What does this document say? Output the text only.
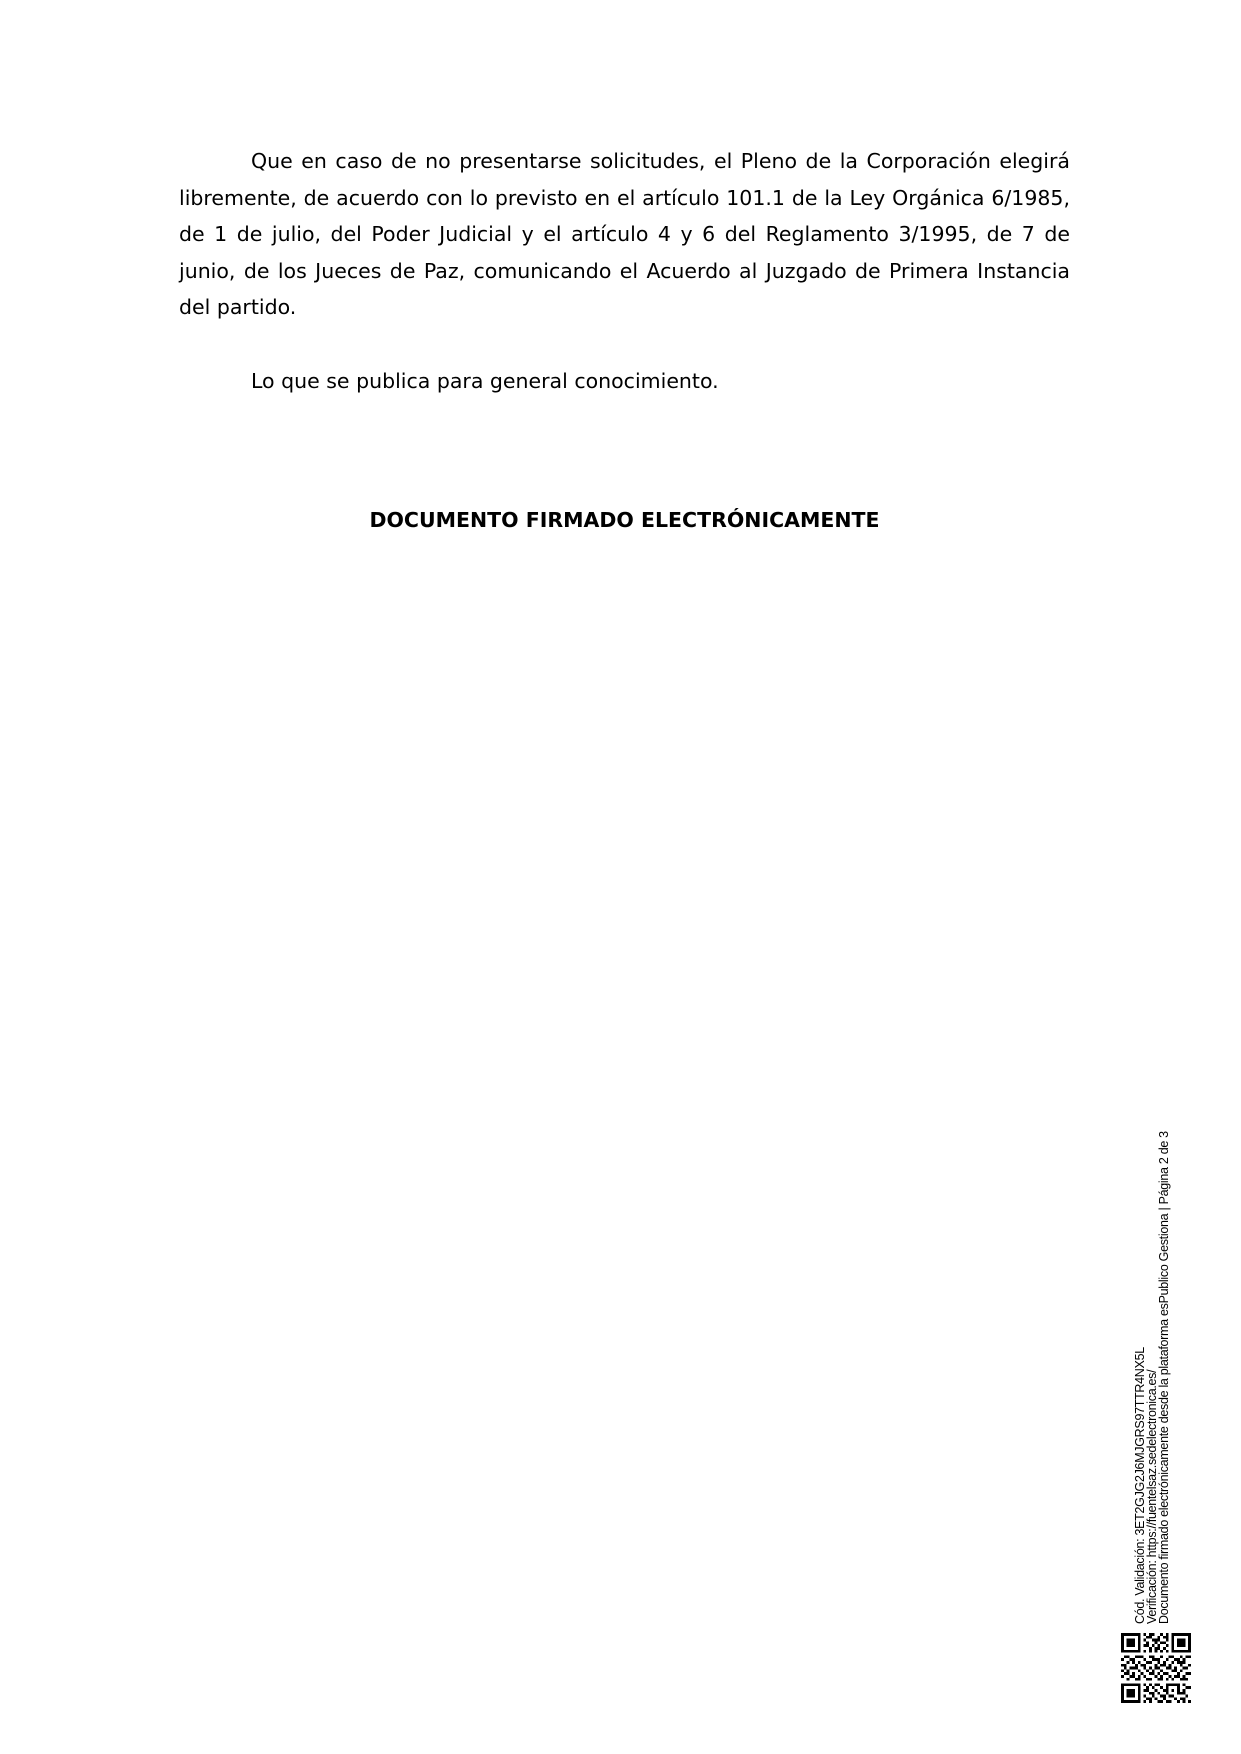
Que en caso de no presentarse solicitudes, el Pleno de la Corporación elegirá libremente, de acuerdo con lo previsto en el artículo 101.1 de la Ley Orgánica 6/1985, de 1 de julio, del Poder Judicial y el artículo 4 y 6 del Reglamento 3/1995, de 7 de junio, de los Jueces de Paz, comunicando el Acuerdo al Juzgado de Primera Instancia del partido.

Lo que se publica para general conocimiento.

DOCUMENTO FIRMADO ELECTRÓNICAMENTE

Cód. Validación: 3ET2GJG2J6MJGRS97TTR4NX5L
Verificación: https://fuentelsaz.sedelectronica.es/
Documento firmado electrónicamente desde la plataforma esPublico Gestiona | Página 2 de 3
